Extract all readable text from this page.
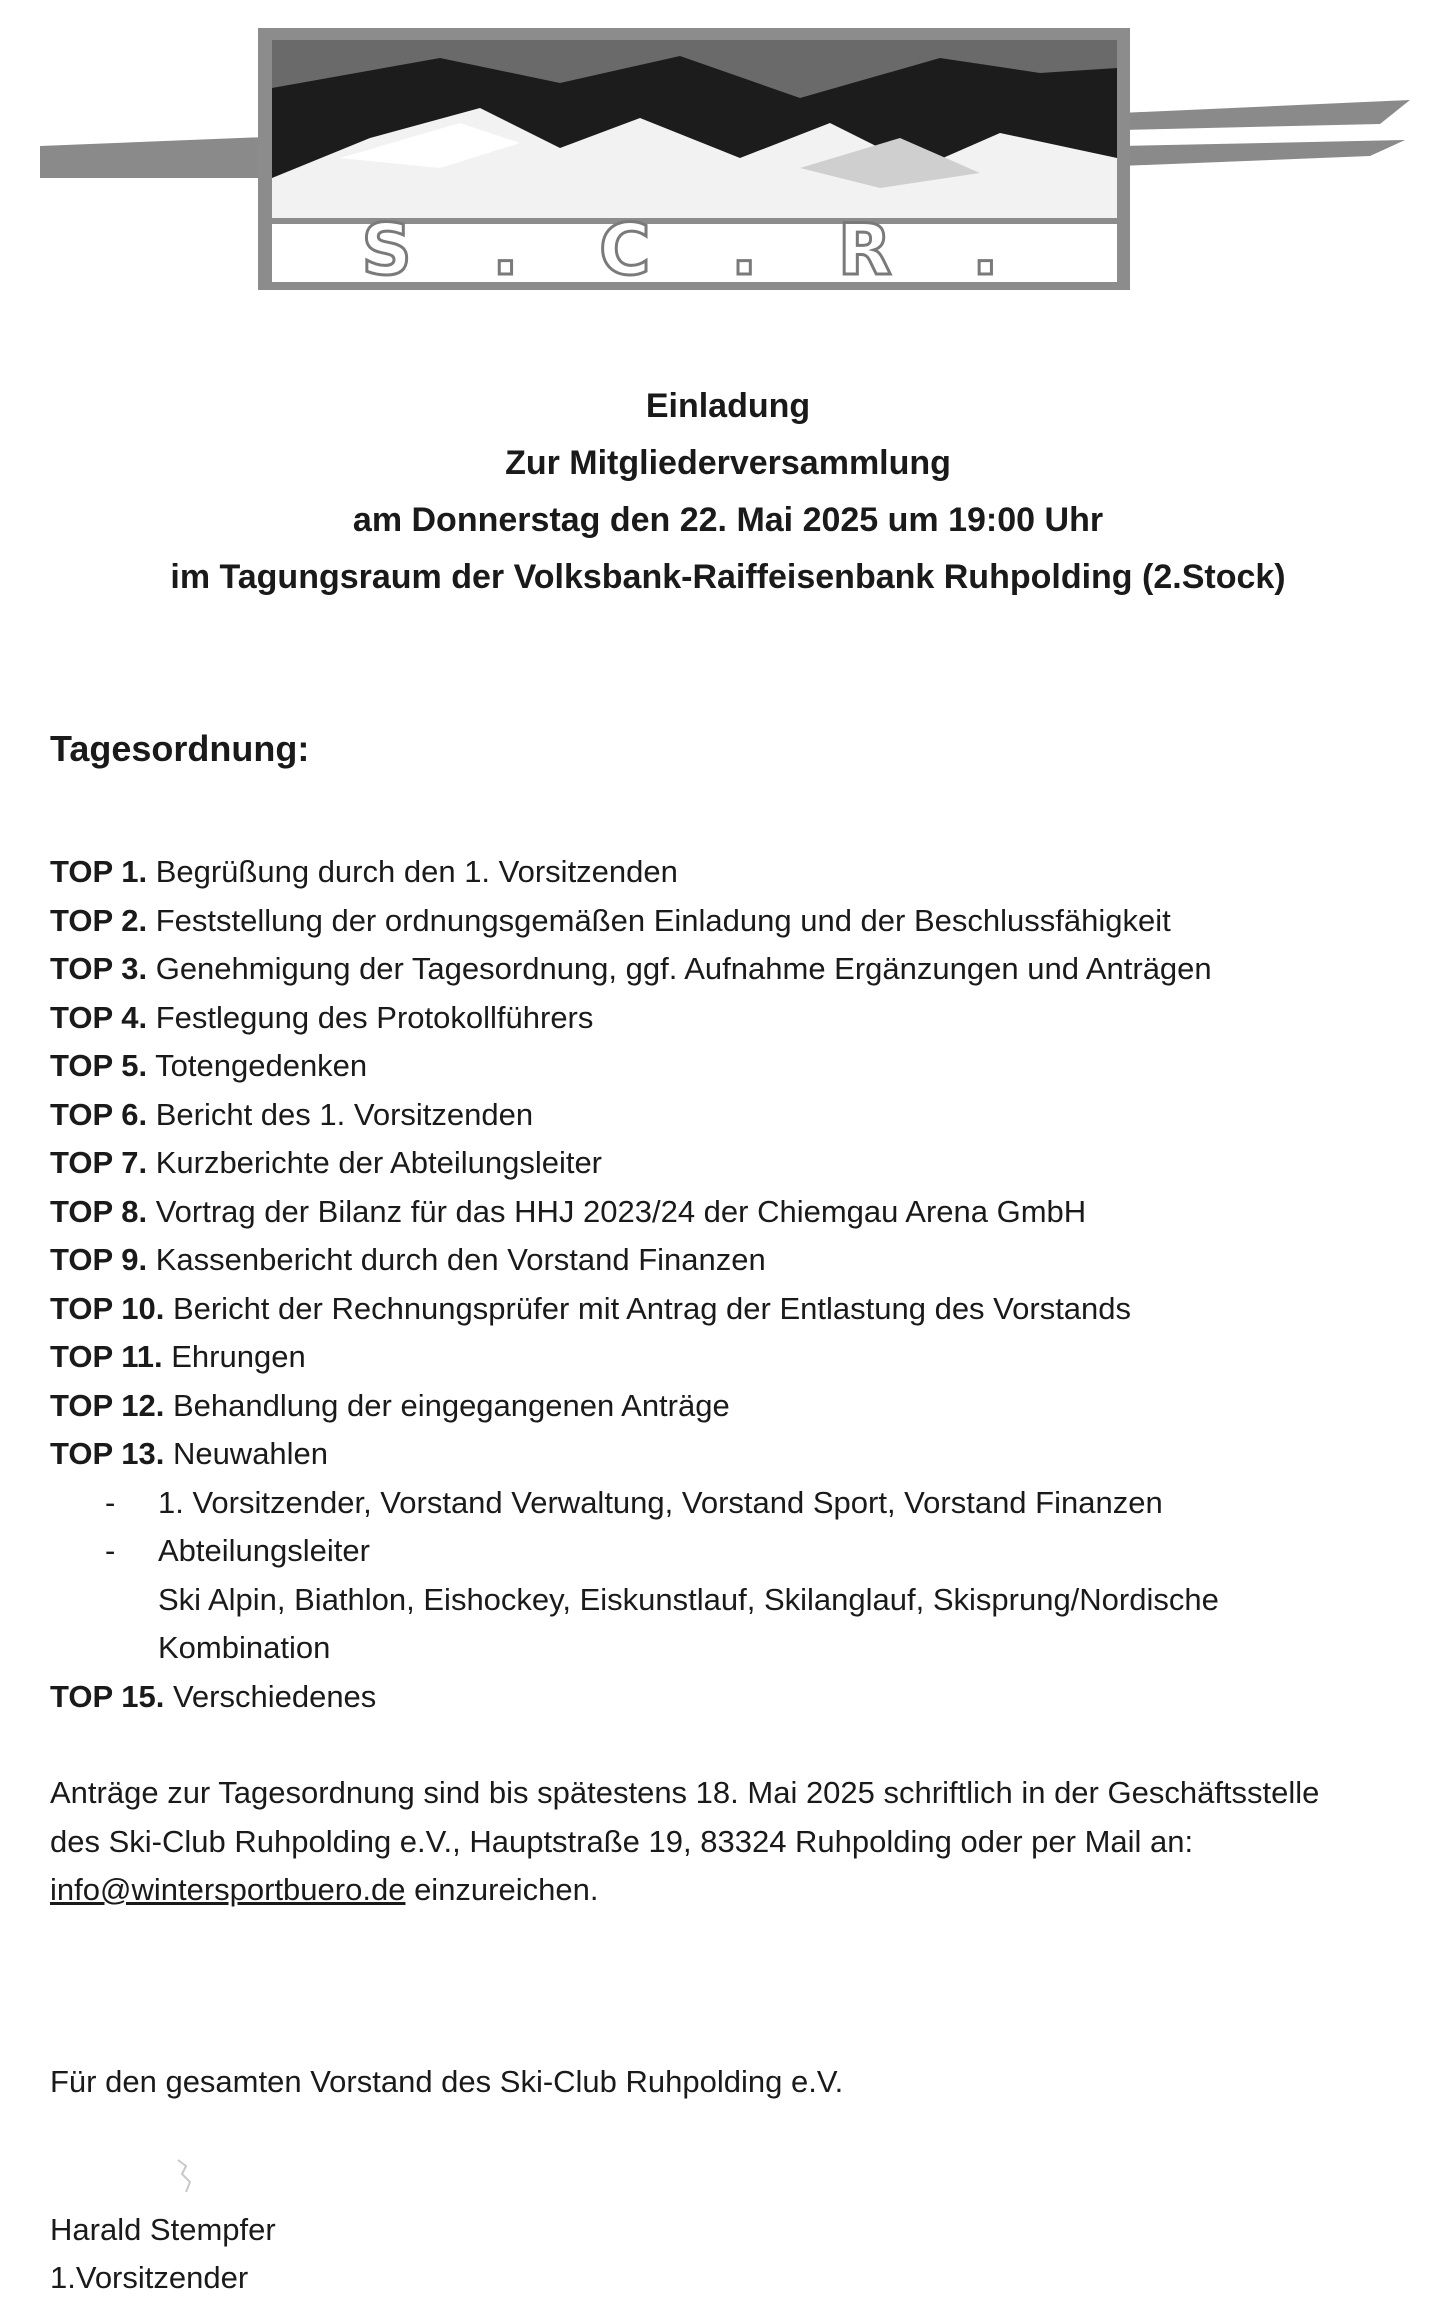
S . C . R .
Einladung
Zur Mitgliederversammlung
am Donnerstag den 22. Mai 2025 um 19:00 Uhr
im Tagungsraum der Volksbank-Raiffeisenbank Ruhpolding (2.Stock)
Tagesordnung:
TOP 1. Begrüßung durch den 1. Vorsitzenden
TOP 2. Feststellung der ordnungsgemäßen Einladung und der Beschlussfähigkeit
TOP 3. Genehmigung der Tagesordnung, ggf. Aufnahme Ergänzungen und Anträgen
TOP 4. Festlegung des Protokollführers
TOP 5. Totengedenken
TOP 6. Bericht des 1. Vorsitzenden
TOP 7. Kurzberichte der Abteilungsleiter
TOP 8. Vortrag der Bilanz für das HHJ 2023/24 der Chiemgau Arena GmbH
TOP 9. Kassenbericht durch den Vorstand Finanzen
TOP 10. Bericht der Rechnungsprüfer mit Antrag der Entlastung des Vorstands
TOP 11. Ehrungen
TOP 12. Behandlung der eingegangenen Anträge
TOP 13. Neuwahlen
- 1. Vorsitzender, Vorstand Verwaltung, Vorstand Sport, Vorstand Finanzen
- Abteilungsleiter
Ski Alpin, Biathlon, Eishockey, Eiskunstlauf, Skilanglauf, Skisprung/Nordische
Kombination
TOP 15. Verschiedenes
Anträge zur Tagesordnung sind bis spätestens 18. Mai 2025 schriftlich in der Geschäftsstelle
des Ski-Club Ruhpolding e.V., Hauptstraße 19, 83324 Ruhpolding oder per Mail an:
info@wintersportbuero.de einzureichen.
Für den gesamten Vorstand des Ski-Club Ruhpolding e.V.
Harald Stempfer
1.Vorsitzender
